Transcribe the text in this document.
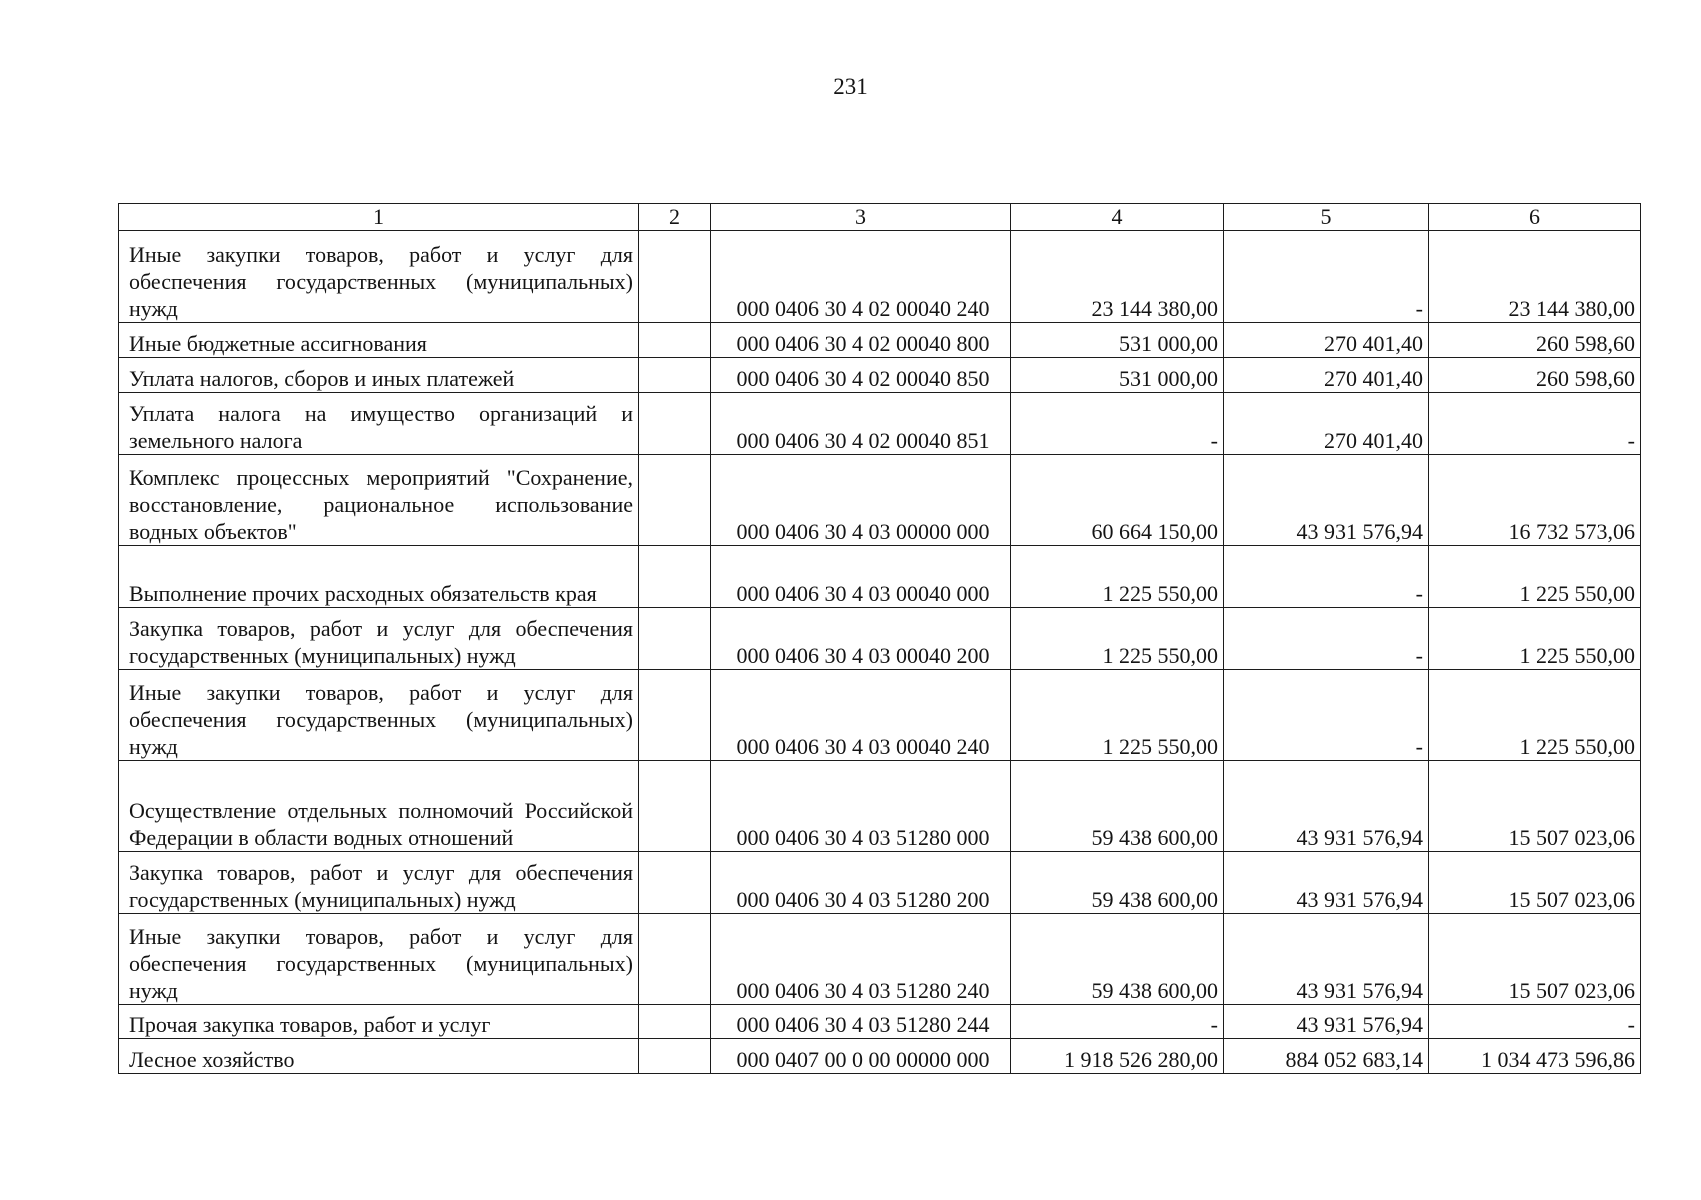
231
1	2	3	4	5	6
Иные закупки товаров, работ и услуг для обеспечения государственных (муниципальных) нужд		000 0406 30 4 02 00040 240	23 144 380,00	-	23 144 380,00
Иные бюджетные ассигнования		000 0406 30 4 02 00040 800	531 000,00	270 401,40	260 598,60
Уплата налогов, сборов и иных платежей		000 0406 30 4 02 00040 850	531 000,00	270 401,40	260 598,60
Уплата налога на имущество организаций и земельного налога		000 0406 30 4 02 00040 851	-	270 401,40	-
Комплекс процессных мероприятий "Сохранение, восстановление, рациональное использование водных объектов"		000 0406 30 4 03 00000 000	60 664 150,00	43 931 576,94	16 732 573,06
Выполнение прочих расходных обязательств края		000 0406 30 4 03 00040 000	1 225 550,00	-	1 225 550,00
Закупка товаров, работ и услуг для обеспечения государственных (муниципальных) нужд		000 0406 30 4 03 00040 200	1 225 550,00	-	1 225 550,00
Иные закупки товаров, работ и услуг для обеспечения государственных (муниципальных) нужд		000 0406 30 4 03 00040 240	1 225 550,00	-	1 225 550,00
Осуществление отдельных полномочий Российской Федерации в области водных отношений		000 0406 30 4 03 51280 000	59 438 600,00	43 931 576,94	15 507 023,06
Закупка товаров, работ и услуг для обеспечения государственных (муниципальных) нужд		000 0406 30 4 03 51280 200	59 438 600,00	43 931 576,94	15 507 023,06
Иные закупки товаров, работ и услуг для обеспечения государственных (муниципальных) нужд		000 0406 30 4 03 51280 240	59 438 600,00	43 931 576,94	15 507 023,06
Прочая закупка товаров, работ и услуг		000 0406 30 4 03 51280 244	-	43 931 576,94	-
Лесное хозяйство		000 0407 00 0 00 00000 000	1 918 526 280,00	884 052 683,14	1 034 473 596,86
